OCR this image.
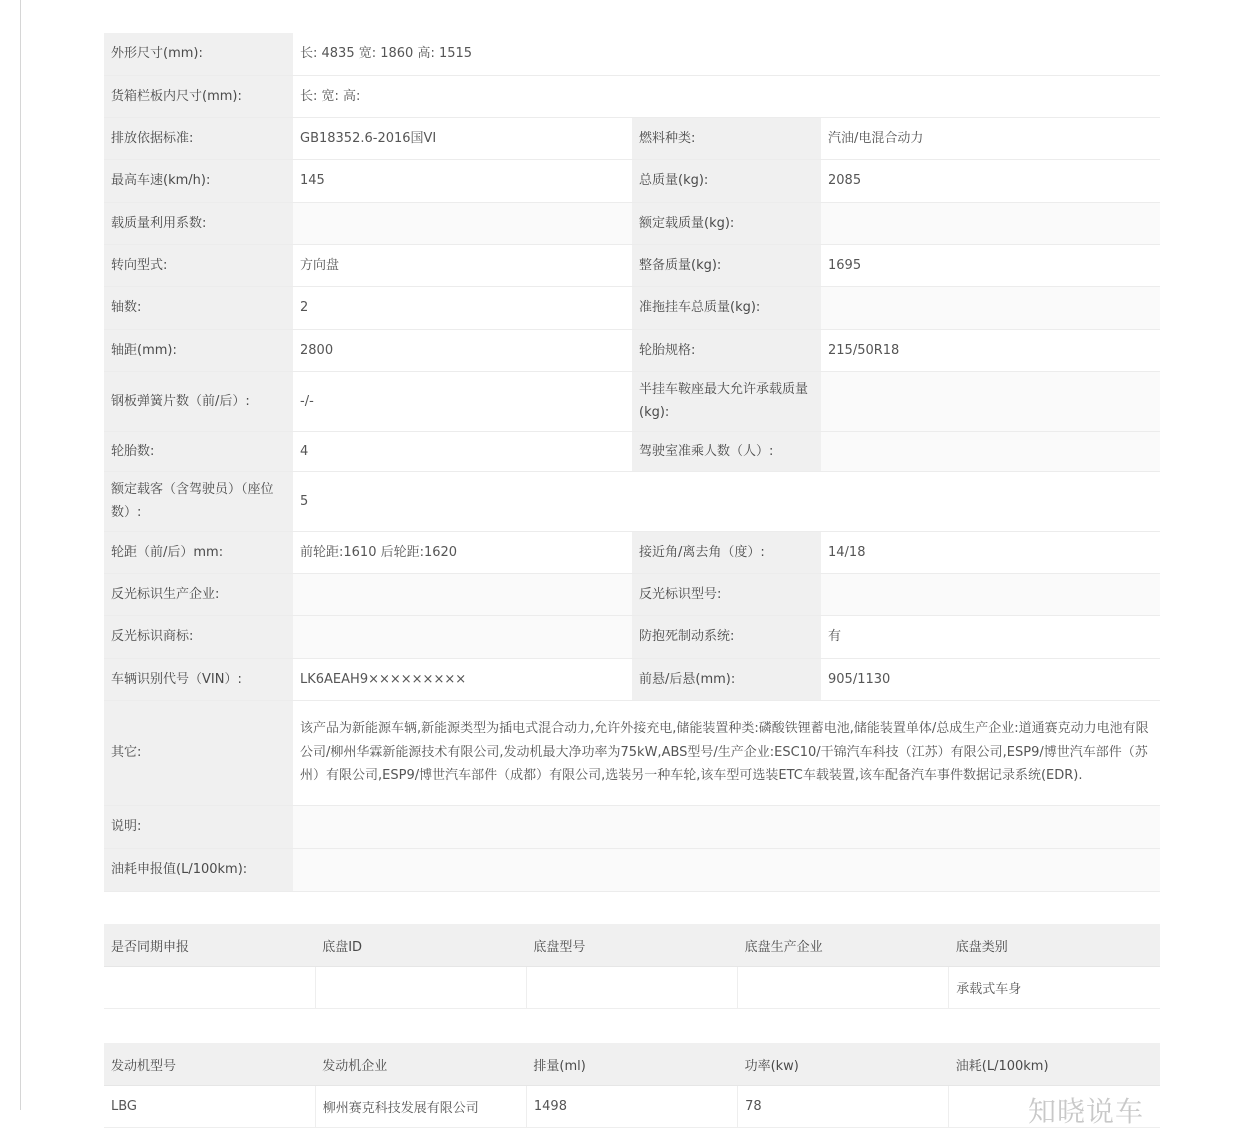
外形尺寸(mm):	长: 4835 宽: 1860 高: 1515		
货箱栏板内尺寸(mm):	长: 宽: 高:		
排放依据标准:	GB18352.6-2016国VI	燃料种类:	汽油/电混合动力
最高车速(km/h):	145	总质量(kg):	2085
载质量利用系数:		额定载质量(kg):	
转向型式:	方向盘	整备质量(kg):	1695
轴数:	2	准拖挂车总质量(kg):	
轴距(mm):	2800	轮胎规格:	215/50R18
钢板弹簧片数（前/后）:	-/-	半挂车鞍座最大允许承载质量(kg):	
轮胎数:	4	驾驶室准乘人数（人）:	
额定载客（含驾驶员）（座位数）:	5		
轮距（前/后）mm:	前轮距:1610 后轮距:1620	接近角/离去角（度）:	14/18
反光标识生产企业:		反光标识型号:	
反光标识商标:		防抱死制动系统:	有
车辆识别代号（VIN）:	LK6AEAH9×××××××××	前悬/后悬(mm):	905/1130
其它:	该产品为新能源车辆,新能源类型为插电式混合动力,允许外接充电,储能装置种类:磷酸铁锂蓄电池,储能装置单体/总成生产企业:道通赛克动力电池有限公司/柳州华霖新能源技术有限公司,发动机最大净功率为75kW,ABS型号/生产企业:ESC10/干锦汽车科技（江苏）有限公司,ESP9/博世汽车部件（苏州）有限公司,ESP9/博世汽车部件（成都）有限公司,选装另一种车轮,该车型可选装ETC车载装置,该车配备汽车事件数据记录系统(EDR).		
说明:			
油耗申报值(L/100km):			
是否同期申报	底盘ID	底盘型号	底盘生产企业	底盘类别
				承载式车身
发动机型号	发动机企业	排量(ml)	功率(kw)	油耗(L/100km)
LBG	柳州赛克科技发展有限公司	1498	78		知晓说车
